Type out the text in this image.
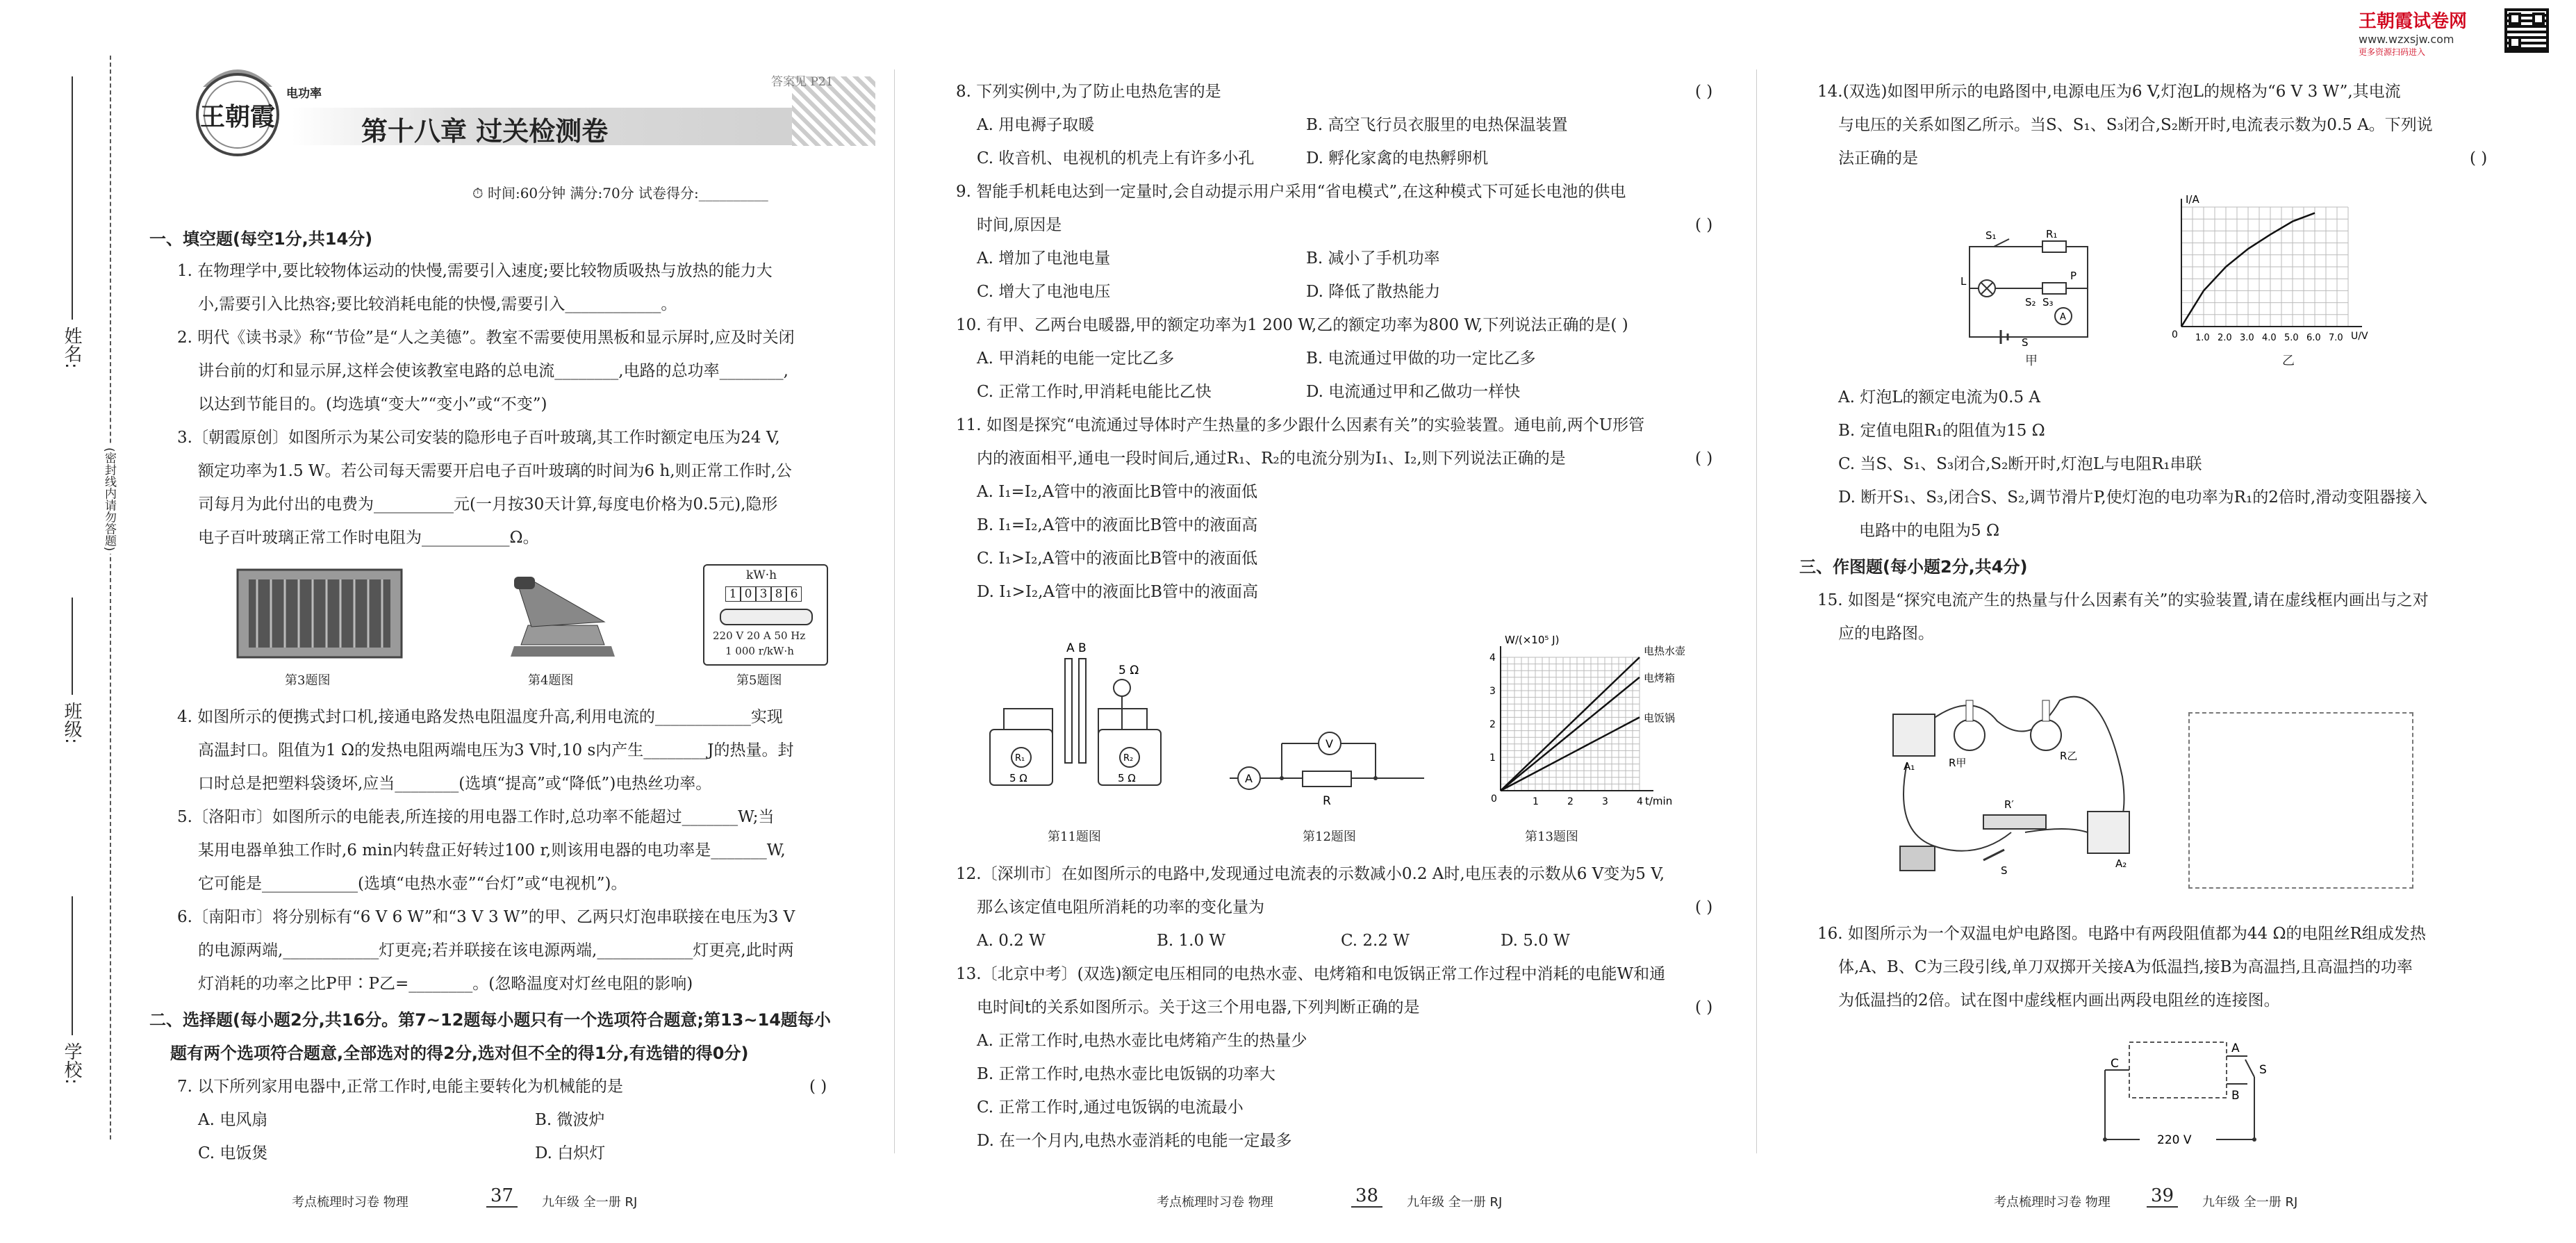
姓名:
班级:
学校:
(密封线内请勿答题)
王朝霞
电功率
答案见 P21
第十八章 过关检测卷
⏱ 时间:60分钟 满分:70分 试卷得分:__________
一、填空题(每空1分,共14分)
1. 在物理学中,要比较物体运动的快慢,需要引入速度;要比较物质吸热与放热的能力大
小,需要引入比热容;要比较消耗电能的快慢,需要引入____________。
2. 明代《读书录》称“节俭”是“人之美德”。教室不需要使用黑板和显示屏时,应及时关闭
讲台前的灯和显示屏,这样会使该教室电路的总电流________,电路的总功率________,
以达到节能目的。(均选填“变大”“变小”或“不变”)
3.〔朝霞原创〕如图所示为某公司安装的隐形电子百叶玻璃,其工作时额定电压为24 V,
额定功率为1.5 W。若公司每天需要开启电子百叶玻璃的时间为6 h,则正常工作时,公
司每月为此付出的电费为__________元(一月按30天计算,每度电价格为0.5元),隐形
电子百叶玻璃正常工作时电阻为___________Ω。
第3题图	第4题图
kW·h
1 0 3 8 6
220 V 20 A 50 Hz
1 000 r/kW·h
第5题图
4. 如图所示的便携式封口机,接通电路发热电阻温度升高,利用电流的____________实现
高温封口。阻值为1 Ω的发热电阻两端电压为3 V时,10 s内产生________J的热量。封
口时总是把塑料袋烫坏,应当________(选填“提高”或“降低”)电热丝功率。
5.〔洛阳市〕如图所示的电能表,所连接的用电器工作时,总功率不能超过_______W;当
某用电器单独工作时,6 min内转盘正好转过100 r,则该用电器的电功率是_______W,
它可能是____________(选填“电热水壶”“台灯”或“电视机”)。
6.〔南阳市〕将分别标有“6 V 6 W”和“3 V 3 W”的甲、乙两只灯泡串联接在电压为3 V
的电源两端,____________灯更亮;若并联接在该电源两端,____________灯更亮,此时两
灯消耗的功率之比P甲∶P乙=________。(忽略温度对灯丝电阻的影响)
二、选择题(每小题2分,共16分。第7~12题每小题只有一个选项符合题意;第13~14题每小
题有两个选项符合题意,全部选对的得2分,选对但不全的得1分,有选错的得0分)
7. 以下所列家用电器中,正常工作时,电能主要转化为机械能的是	( )
A. 电风扇	B. 微波炉
C. 电饭煲	D. 白炽灯
考点梳理时习卷 物理	37	九年级 全一册 RJ
8. 下列实例中,为了防止电热危害的是	( )
A. 用电褥子取暖	B. 高空飞行员衣服里的电热保温装置
C. 收音机、电视机的机壳上有许多小孔	D. 孵化家禽的电热孵卵机
9. 智能手机耗电达到一定量时,会自动提示用户采用“省电模式”,在这种模式下可延长电池的供电
时间,原因是	( )
A. 增加了电池电量	B. 减小了手机功率
C. 增大了电池电压	D. 降低了散热能力
10. 有甲、乙两台电暖器,甲的额定功率为1 200 W,乙的额定功率为800 W,下列说法正确的是( )
A. 甲消耗的电能一定比乙多	B. 电流通过甲做的功一定比乙多
C. 正常工作时,甲消耗电能比乙快	D. 电流通过甲和乙做功一样快
11. 如图是探究“电流通过导体时产生热量的多少跟什么因素有关”的实验装置。通电前,两个U形管
内的液面相平,通电一段时间后,通过R₁、R₂的电流分别为I₁、I₂,则下列说法正确的是	( )
A. I₁=I₂,A管中的液面比B管中的液面低
B. I₁=I₂,A管中的液面比B管中的液面高
C. I₁>I₂,A管中的液面比B管中的液面低
D. I₁>I₂,A管中的液面比B管中的液面高
A B
5 Ω
R₁	R₂
5 Ω	5 Ω
第11题图
A
V
R
第12题图
W/(×10⁵ J)
t/min
0	1	2	3	4
1
2
3
4
电热水壶
电烤箱
电饭锅
第13题图
12.〔深圳市〕在如图所示的电路中,发现通过电流表的示数减小0.2 A时,电压表的示数从6 V变为5 V,
那么该定值电阻所消耗的功率的变化量为	( )
A. 0.2 W	B. 1.0 W	C. 2.2 W	D. 5.0 W
13.〔北京中考〕(双选)额定电压相同的电热水壶、电烤箱和电饭锅正常工作过程中消耗的电能W和通
电时间t的关系如图所示。关于这三个用电器,下列判断正确的是	( )
A. 正常工作时,电热水壶比电烤箱产生的热量少
B. 正常工作时,电热水壶比电饭锅的功率大
C. 正常工作时,通过电饭锅的电流最小
D. 在一个月内,电热水壶消耗的电能一定最多
考点梳理时习卷 物理	38	九年级 全一册 RJ
王朝霞试卷网
www.wzxsjw.com
更多资源扫码进入
14.(双选)如图甲所示的电路图中,电源电压为6 V,灯泡L的规格为“6 V 3 W”,其电流
与电压的关系如图乙所示。当S、S₁、S₃闭合,S₂断开时,电流表示数为0.5 A。下列说
法正确的是	( )
S₁	R₁
P
S₂ S₃
L
A
S
甲
I/A
U/V
0 1.0 2.0 3.0 4.0 5.0 6.0 7.0
乙
A. 灯泡L的额定电流为0.5 A
B. 定值电阻R₁的阻值为15 Ω
C. 当S、S₁、S₃闭合,S₂断开时,灯泡L与电阻R₁串联
D. 断开S₁、S₃,闭合S、S₂,调节滑片P,使灯泡的电功率为R₁的2倍时,滑动变阻器接入
电路中的电阻为5 Ω
三、作图题(每小题2分,共4分)
15. 如图是“探究电流产生的热量与什么因素有关”的实验装置,请在虚线框内画出与之对
应的电路图。
A₁	R甲
R乙
R′
A₂
S
16. 如图所示为一个双温电炉电路图。电路中有两段阻值都为44 Ω的电阻丝R组成发热
体,A、B、C为三段引线,单刀双掷开关接A为低温挡,接B为高温挡,且高温挡的功率
为低温挡的2倍。试在图中虚线框内画出两段电阻丝的连接图。
C
A
B
S
220 V
考点梳理时习卷 物理 39	九年级 全一册 RJ
